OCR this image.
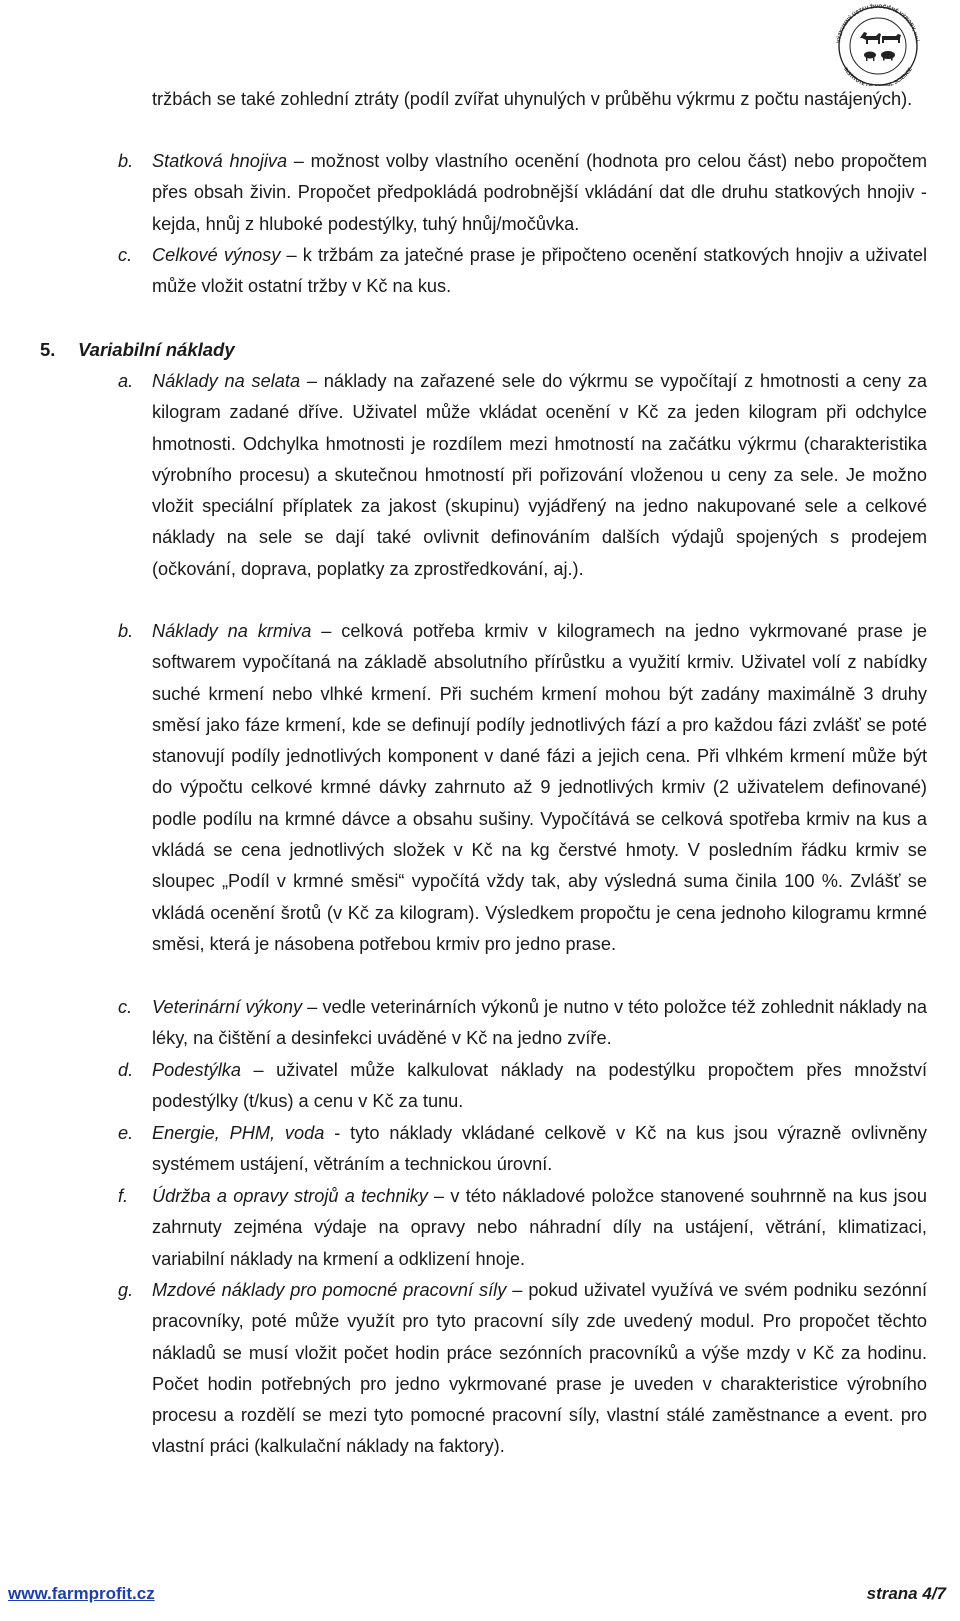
VÝZKUMNÝ ÚSTAV ŽIVOČIŠNÉ VÝROBY, v.v.i.
INSTITUTE O AL SCIENCE
tržbách se také zohlední ztráty (podíl zvířat uhynulých v průběhu výkrmu z počtu nastájených).
b.	Statková hnojiva – možnost volby vlastního ocenění (hodnota pro celou část) nebo propočtem přes obsah živin. Propočet předpokládá podrobnější vkládání dat dle druhu statkových hnojiv - kejda, hnůj z hluboké podestýlky, tuhý hnůj/močůvka.
c.	Celkové výnosy – k tržbám za jatečné prase je připočteno ocenění statkových hnojiv a uživatel může vložit ostatní tržby v Kč na kus.
5. Variabilní náklady
a.	Náklady na selata – náklady na zařazené sele do výkrmu se vypočítají z hmotnosti a ceny za kilogram zadané dříve. Uživatel může vkládat ocenění v Kč za jeden kilogram při odchylce hmotnosti. Odchylka hmotnosti je rozdílem mezi hmotností na začátku výkrmu (charakteristika výrobního procesu) a skutečnou hmotností při pořizování vloženou u ceny za sele. Je možno vložit speciální příplatek za jakost (skupinu) vyjádřený na jedno nakupované sele a celkové náklady na sele se dají také ovlivnit definováním dalších výdajů spojených s prodejem (očkování, doprava, poplatky za zprostředkování, aj.).
b.	Náklady na krmiva – celková potřeba krmiv v kilogramech na jedno vykrmované prase je softwarem vypočítaná na základě absolutního přírůstku a využití krmiv. Uživatel volí z nabídky suché krmení nebo vlhké krmení. Při suchém krmení mohou být zadány maximálně 3 druhy směsí jako fáze krmení, kde se definují podíly jednotlivých fází a pro každou fázi zvlášť se poté stanovují podíly jednotlivých komponent v dané fázi a jejich cena. Při vlhkém krmení může být do výpočtu celkové krmné dávky zahrnuto až 9 jednotlivých krmiv (2 uživatelem definované) podle podílu na krmné dávce a obsahu sušiny. Vypočítává se celková spotřeba krmiv na kus a vkládá se cena jednotlivých složek v Kč na kg čerstvé hmoty. V posledním řádku krmiv se sloupec „Podíl v krmné směsi“ vypočítá vždy tak, aby výsledná suma činila 100 %. Zvlášť se vkládá ocenění šrotů (v Kč za kilogram). Výsledkem propočtu je cena jednoho kilogramu krmné směsi, která je násobena potřebou krmiv pro jedno prase.
c.	Veterinární výkony – vedle veterinárních výkonů je nutno v této položce též zohlednit náklady na léky, na čištění a desinfekci uváděné v Kč na jedno zvíře.
d.	Podestýlka – uživatel může kalkulovat náklady na podestýlku propočtem přes množství podestýlky (t/kus) a cenu v Kč za tunu.
e.	Energie, PHM, voda - tyto náklady vkládané celkově v Kč na kus jsou výrazně ovlivněny systémem ustájení, větráním a technickou úrovní.
f.	Údržba a opravy strojů a techniky – v této nákladové položce stanovené souhrnně na kus jsou zahrnuty zejména výdaje na opravy nebo náhradní díly na ustájení, větrání, klimatizaci, variabilní náklady na krmení a odklizení hnoje.
g.	Mzdové náklady pro pomocné pracovní síly – pokud uživatel využívá ve svém podniku sezónní pracovníky, poté může využít pro tyto pracovní síly zde uvedený modul. Pro propočet těchto nákladů se musí vložit počet hodin práce sezónních pracovníků a výše mzdy v Kč za hodinu. Počet hodin potřebných pro jedno vykrmované prase je uveden v charakteristice výrobního procesu a rozdělí se mezi tyto pomocné pracovní síly, vlastní stálé zaměstnance a event. pro vlastní práci (kalkulační náklady na faktory).
www.farmprofit.cz	strana 4/7
